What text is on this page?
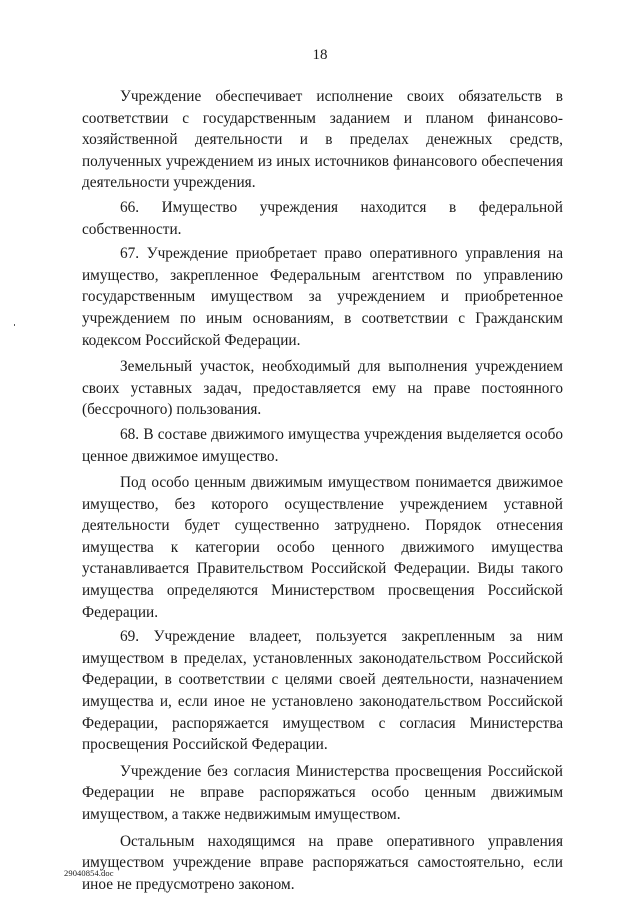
18

Учреждение обеспечивает исполнение своих обязательств в соответствии с государственным заданием и планом финансово-хозяйственной деятельности и в пределах денежных средств, полученных учреждением из иных источников финансового обеспечения деятельности учреждения.

66. Имущество учреждения находится в федеральной собственности.

67. Учреждение приобретает право оперативного управления на имущество, закрепленное Федеральным агентством по управлению государственным имуществом за учреждением и приобретенное учреждением по иным основаниям, в соответствии с Гражданским кодексом Российской Федерации.

Земельный участок, необходимый для выполнения учреждением своих уставных задач, предоставляется ему на праве постоянного (бессрочного) пользования.

68. В составе движимого имущества учреждения выделяется особо ценное движимое имущество.

Под особо ценным движимым имуществом понимается движимое имущество, без которого осуществление учреждением уставной деятельности будет существенно затруднено. Порядок отнесения имущества к категории особо ценного движимого имущества устанавливается Правительством Российской Федерации. Виды такого имущества определяются Министерством просвещения Российской Федерации.

69. Учреждение владеет, пользуется закрепленным за ним имуществом в пределах, установленных законодательством Российской Федерации, в соответствии с целями своей деятельности, назначением имущества и, если иное не установлено законодательством Российской Федерации, распоряжается имуществом с согласия Министерства просвещения Российской Федерации.

Учреждение без согласия Министерства просвещения Российской Федерации не вправе распоряжаться особо ценным движимым имуществом, а также недвижимым имуществом.

Остальным находящимся на праве оперативного управления имуществом учреждение вправе распоряжаться самостоятельно, если иное не предусмотрено законом.

29040854.doc
